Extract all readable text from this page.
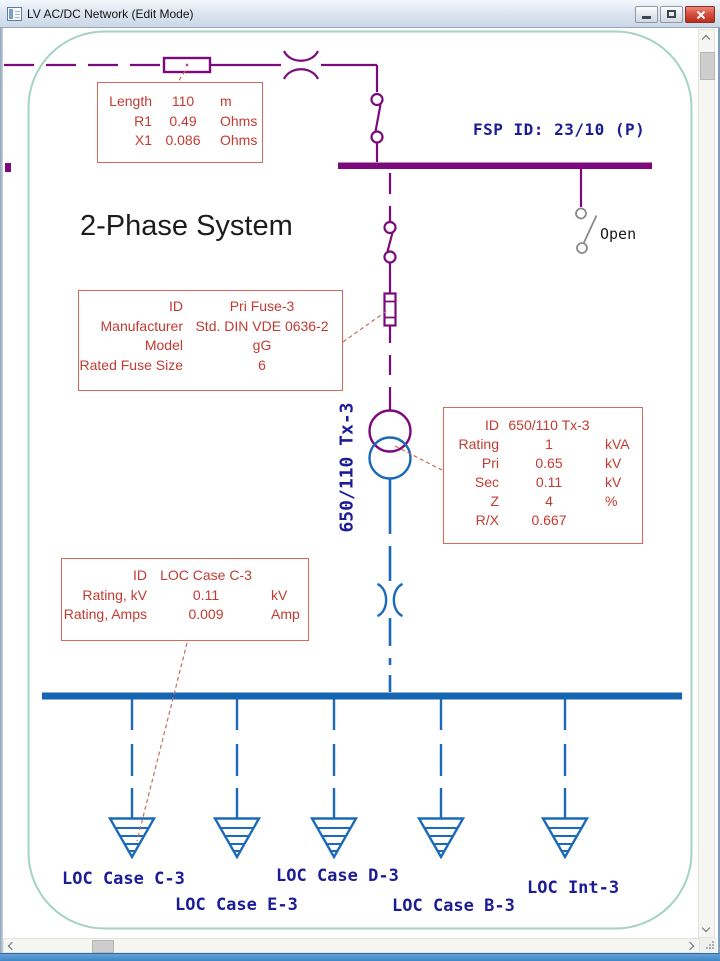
LV AC/DC Network (Edit Mode)
2-Phase System
FSP ID: 23/10 (P)
Open
650/110 Tx-3
Length	110	m
R1	0.49	Ohms
X1 0.086	Ohms
ID	Pri Fuse-3
Manufacturer Std. DIN VDE 0636-2
Model	gG
Rated Fuse Size	6
ID 650/110 Tx-3
Rating	1	kVA
Pri	0.65	kV
Sec	0.11	kV
Z	4	%
R/X	0.667
ID LOC Case C-3
Rating, kV	0.11	kV
Rating, Amps	0.009	Amp
LOC Case C-3
LOC Case E-3
LOC Case D-3
LOC Case B-3
LOC Int-3
